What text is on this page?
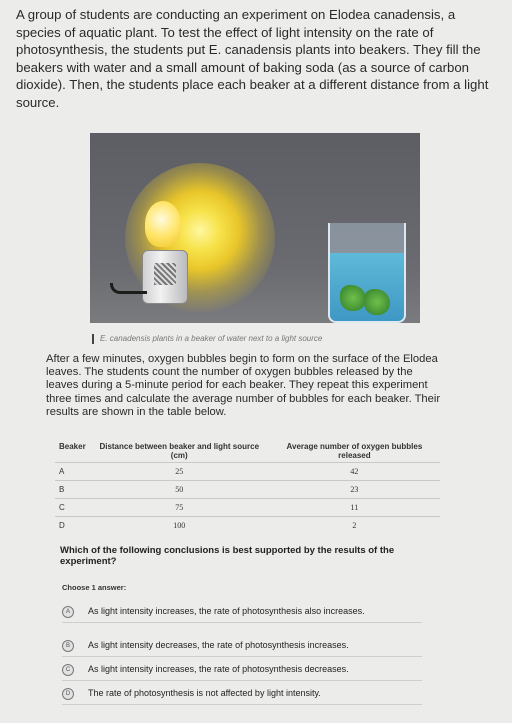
A group of students are conducting an experiment on Elodea canadensis, a species of aquatic plant. To test the effect of light intensity on the rate of photosynthesis, the students put E. canadensis plants into beakers. They fill the beakers with water and a small amount of baking soda (as a source of carbon dioxide). Then, the students place each beaker at a different distance from a light source.
E. canadensis plants in a beaker of water next to a light source
After a few minutes, oxygen bubbles begin to form on the surface of the Elodea leaves. The students count the number of oxygen bubbles released by the leaves during a 5-minute period for each beaker. They repeat this experiment three times and calculate the average number of bubbles for each beaker. Their results are shown in the table below.
Beaker	Distance between beaker and light source (cm)	Average number of oxygen bubbles released
A	25	42
B	50	23
C	75	11
D	100	2
Which of the following conclusions is best supported by the results of the experiment?
Choose 1 answer:
A	As light intensity increases, the rate of photosynthesis also increases.
B	As light intensity decreases, the rate of photosynthesis increases.
C	As light intensity increases, the rate of photosynthesis decreases.
D	The rate of photosynthesis is not affected by light intensity.
